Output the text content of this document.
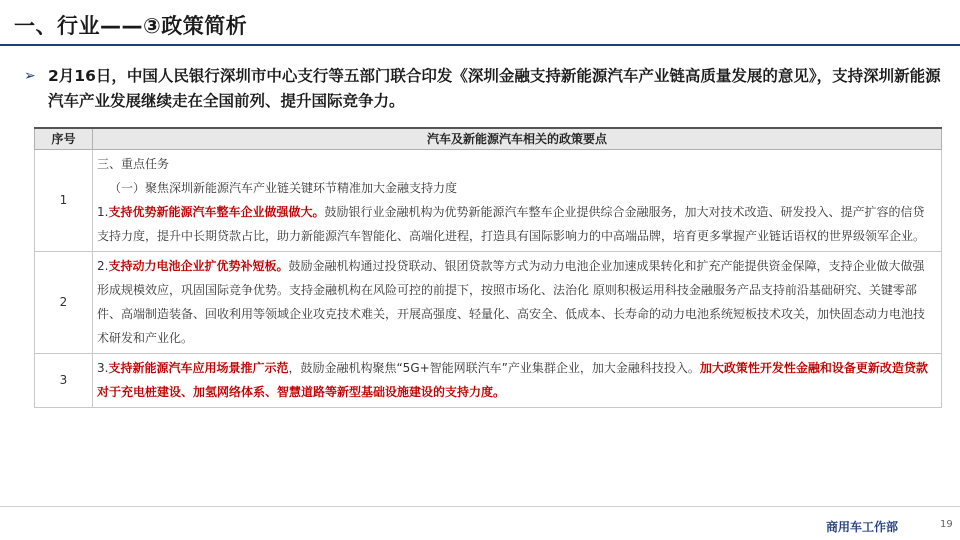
一、行业——③政策简析
➢ 2月16日，中国人民银行深圳市中心支行等五部门联合印发《深圳金融支持新能源汽车产业链高质量发展的意见》，支持深圳新能源汽车产业发展继续走在全国前列、提升国际竞争力。
序号	汽车及新能源汽车相关的政策要点
1	三、重点任务
（一）聚焦深圳新能源汽车产业链关键环节精准加大金融支持力度
1.支持优势新能源汽车整车企业做强做大。鼓励银行业金融机构为优势新能源汽车整车企业提供综合金融服务，加大对技术改造、研发投入、提产扩容的信贷支持力度，提升中长期贷款占比，助力新能源汽车智能化、高端化进程，打造具有国际影响力的中高端品牌，培育更多掌握产业链话语权的世界级领军企业。

2	2.支持动力电池企业扩优势补短板。鼓励金融机构通过投贷联动、银团贷款等方式为动力电池企业加速成果转化和扩充产能提供资金保障，支持企业做大做强形成规模效应，巩固国际竞争优势。支持金融机构在风险可控的前提下，按照市场化、法治化 原则积极运用科技金融服务产品支持前沿基础研究、关键零部件、高端制造装备、回收利用等领域企业攻克技术难关，开展高强度、轻量化、高安全、低成本、长寿命的动力电池系统短板技术攻关，加快固态动力电池技术研发和产业化。

3	3.支持新能源汽车应用场景推广示范，鼓励金融机构聚焦“5G+智能网联汽车”产业集群企业，加大金融科技投入。加大政策性开发性金融和设备更新改造贷款对于充电桩建设、加氢网络体系、智慧道路等新型基础设施建设的支持力度。
商用车工作部	19
